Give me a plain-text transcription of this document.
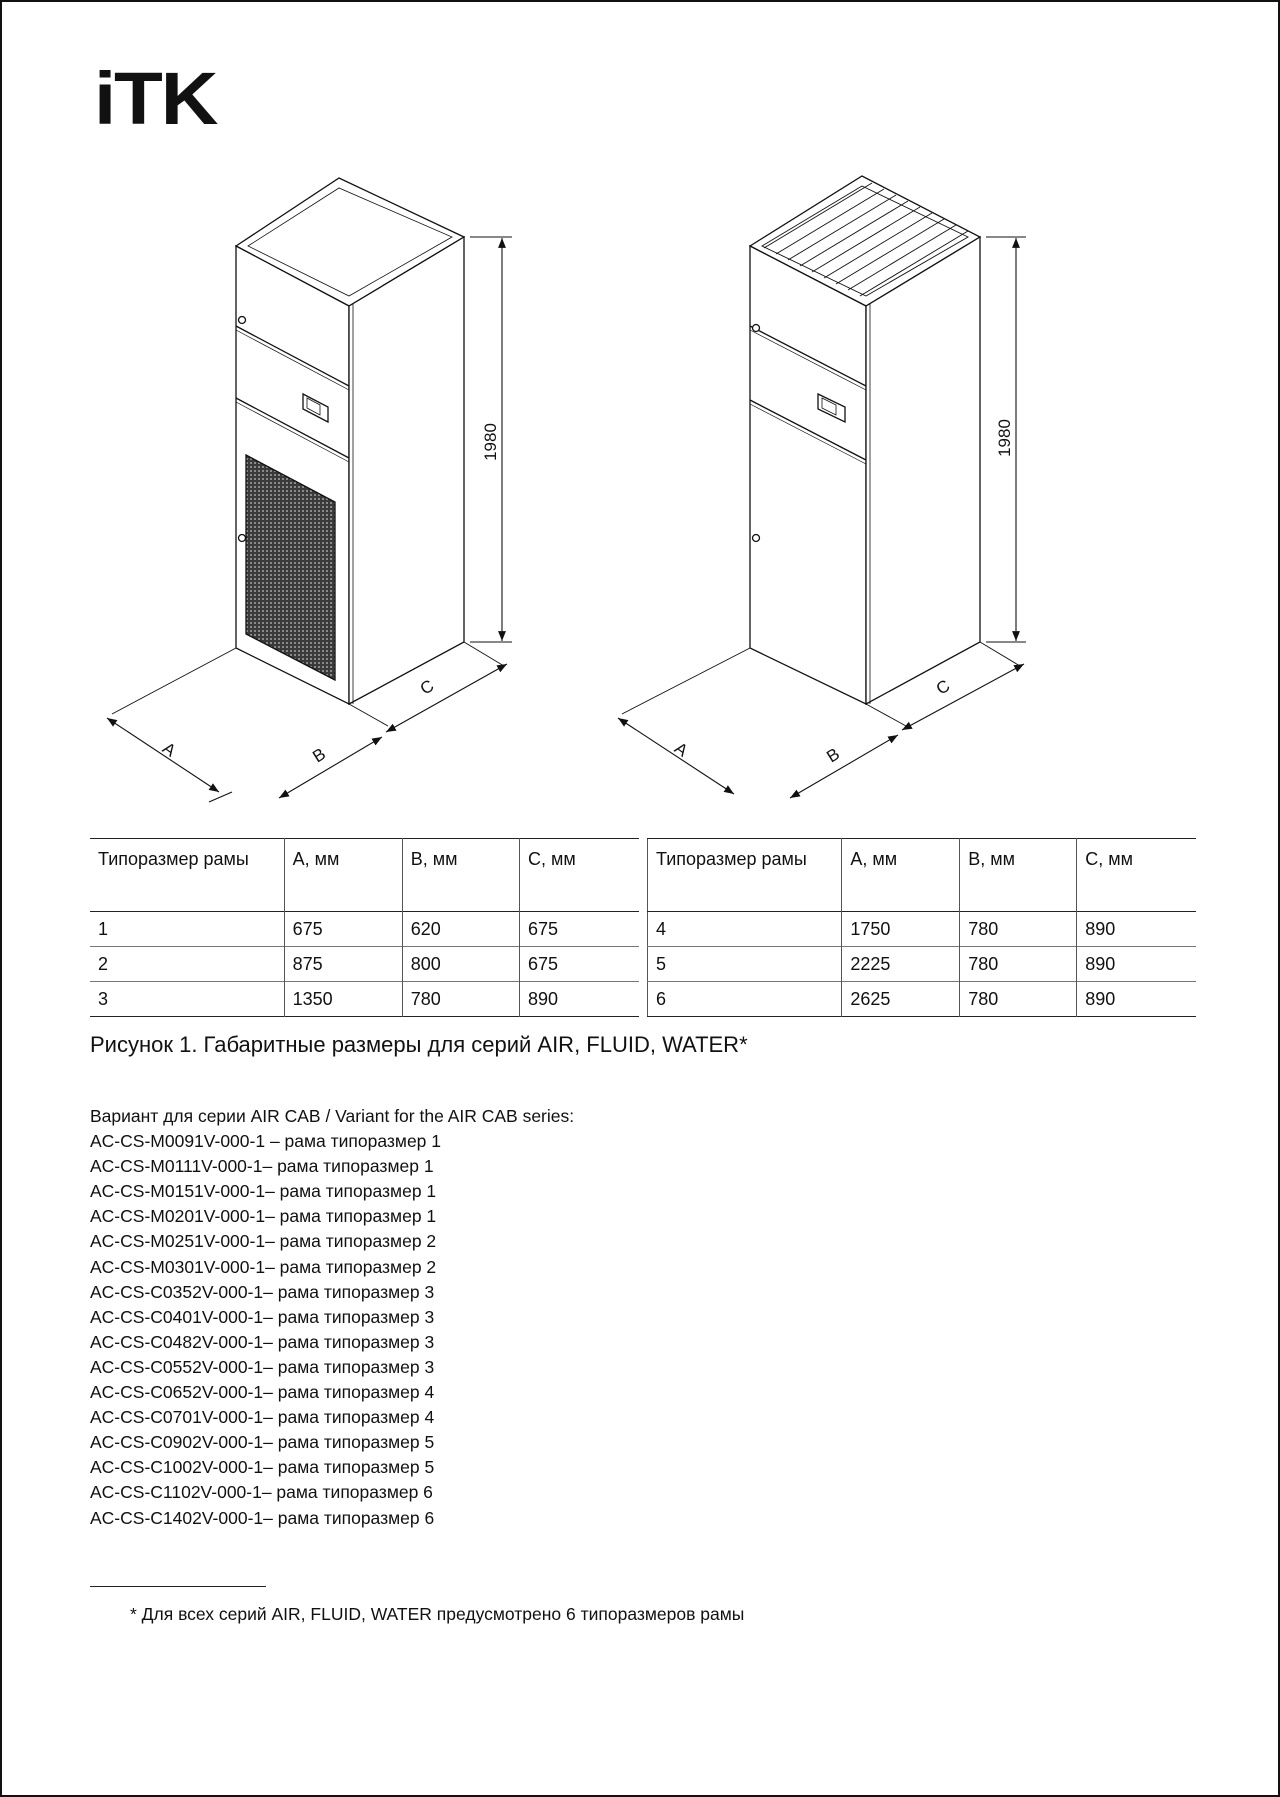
iTK
1980
A	B
C
1980
A	B
C
Типоразмер рамы	A, мм	B, мм	C, мм
1	675	620	675
2	875	800	675
3	1350	780	890
Типоразмер рамы	A, мм	B, мм	C, мм
4	1750	780	890
5	2225	780	890
6	2625	780	890
Рисунок 1. Габаритные размеры для серий AIR, FLUID, WATER*
Вариант для серии AIR CAB / Variant for the AIR CAB series:
AC-CS-M0091V-000-1 – рама типоразмер 1
AC-CS-M0111V-000-1– рама типоразмер 1
AC-CS-M0151V-000-1– рама типоразмер 1
AC-CS-M0201V-000-1– рама типоразмер 1
AC-CS-M0251V-000-1– рама типоразмер 2
AC-CS-M0301V-000-1– рама типоразмер 2
AC-CS-C0352V-000-1– рама типоразмер 3
AC-CS-C0401V-000-1– рама типоразмер 3
AC-CS-C0482V-000-1– рама типоразмер 3
AC-CS-C0552V-000-1– рама типоразмер 3
AC-CS-C0652V-000-1– рама типоразмер 4
AC-CS-C0701V-000-1– рама типоразмер 4
AC-CS-C0902V-000-1– рама типоразмер 5
AC-CS-C1002V-000-1– рама типоразмер 5
AC-CS-C1102V-000-1– рама типоразмер 6
AC-CS-C1402V-000-1– рама типоразмер 6
* Для всех серий AIR, FLUID, WATER предусмотрено 6 типоразмеров рамы
